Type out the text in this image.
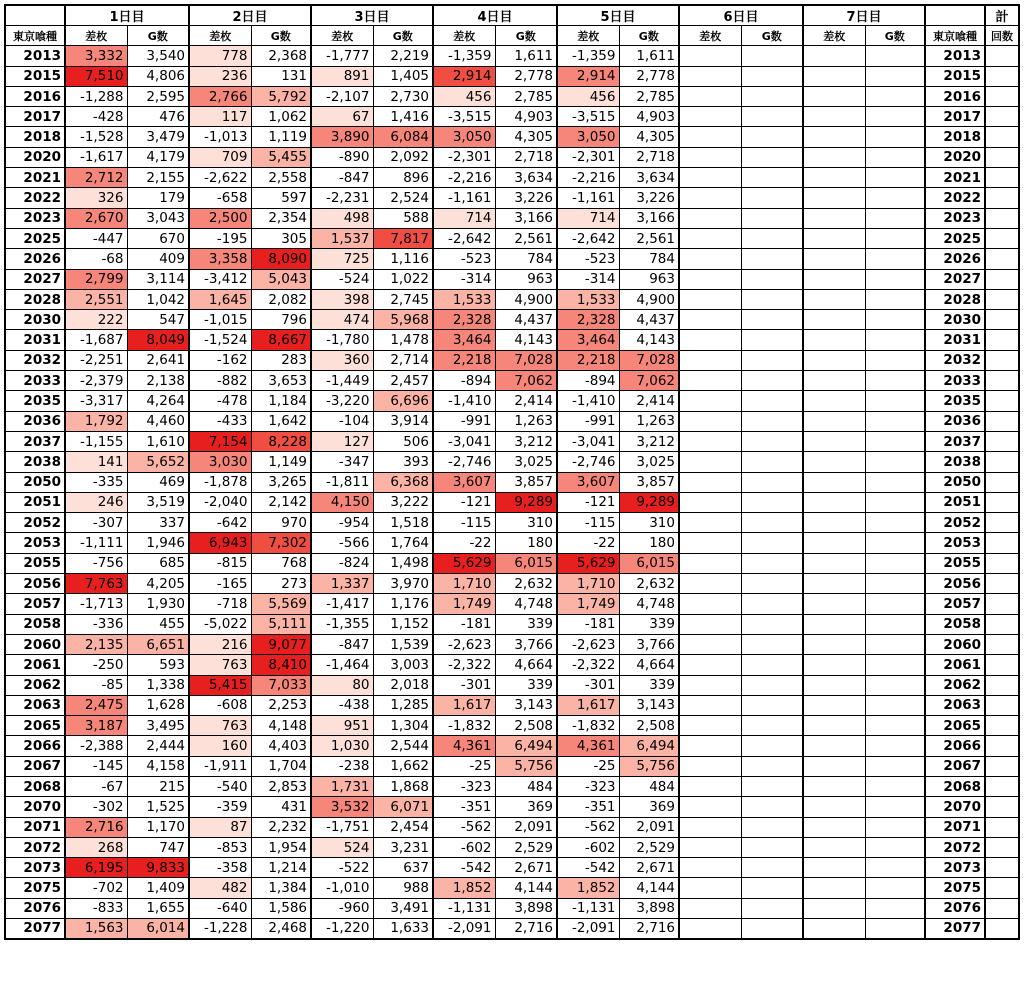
	1日目		2日目		3日目		4日目		5日目		6日目		7日目			計
東京喰種	差枚	G数	差枚	G数	差枚	G数	差枚	G数	差枚	G数	差枚	G数	差枚	G数	東京喰種	回数
2013	3,332	3,540	778	2,368	-1,777	2,219	-1,359	1,611	-1,359	1,611					2013	
2015	7,510	4,806	236	131	891	1,405	2,914	2,778	2,914	2,778					2015	
2016	-1,288	2,595	2,766	5,792	-2,107	2,730	456	2,785	456	2,785					2016	
2017	-428	476	117	1,062	67	1,416	-3,515	4,903	-3,515	4,903					2017	
2018	-1,528	3,479	-1,013	1,119	3,890	6,084	3,050	4,305	3,050	4,305					2018	
2020	-1,617	4,179	709	5,455	-890	2,092	-2,301	2,718	-2,301	2,718					2020	
2021	2,712	2,155	-2,622	2,558	-847	896	-2,216	3,634	-2,216	3,634					2021	
2022	326	179	-658	597	-2,231	2,524	-1,161	3,226	-1,161	3,226					2022	
2023	2,670	3,043	2,500	2,354	498	588	714	3,166	714	3,166					2023	
2025	-447	670	-195	305	1,537	7,817	-2,642	2,561	-2,642	2,561					2025	
2026	-68	409	3,358	8,090	725	1,116	-523	784	-523	784					2026	
2027	2,799	3,114	-3,412	5,043	-524	1,022	-314	963	-314	963					2027	
2028	2,551	1,042	1,645	2,082	398	2,745	1,533	4,900	1,533	4,900					2028	
2030	222	547	-1,015	796	474	5,968	2,328	4,437	2,328	4,437					2030	
2031	-1,687	8,049	-1,524	8,667	-1,780	1,478	3,464	4,143	3,464	4,143					2031	
2032	-2,251	2,641	-162	283	360	2,714	2,218	7,028	2,218	7,028					2032	
2033	-2,379	2,138	-882	3,653	-1,449	2,457	-894	7,062	-894	7,062					2033	
2035	-3,317	4,264	-478	1,184	-3,220	6,696	-1,410	2,414	-1,410	2,414					2035	
2036	1,792	4,460	-433	1,642	-104	3,914	-991	1,263	-991	1,263					2036	
2037	-1,155	1,610	7,154	8,228	127	506	-3,041	3,212	-3,041	3,212					2037	
2038	141	5,652	3,030	1,149	-347	393	-2,746	3,025	-2,746	3,025					2038	
2050	-335	469	-1,878	3,265	-1,811	6,368	3,607	3,857	3,607	3,857					2050	
2051	246	3,519	-2,040	2,142	4,150	3,222	-121	9,289	-121	9,289					2051	
2052	-307	337	-642	970	-954	1,518	-115	310	-115	310					2052	
2053	-1,111	1,946	6,943	7,302	-566	1,764	-22	180	-22	180					2053	
2055	-756	685	-815	768	-824	1,498	5,629	6,015	5,629	6,015					2055	
2056	7,763	4,205	-165	273	1,337	3,970	1,710	2,632	1,710	2,632					2056	
2057	-1,713	1,930	-718	5,569	-1,417	1,176	1,749	4,748	1,749	4,748					2057	
2058	-336	455	-5,022	5,111	-1,355	1,152	-181	339	-181	339					2058	
2060	2,135	6,651	216	9,077	-847	1,539	-2,623	3,766	-2,623	3,766					2060	
2061	-250	593	763	8,410	-1,464	3,003	-2,322	4,664	-2,322	4,664					2061	
2062	-85	1,338	5,415	7,033	80	2,018	-301	339	-301	339					2062	
2063	2,475	1,628	-608	2,253	-438	1,285	1,617	3,143	1,617	3,143					2063	
2065	3,187	3,495	763	4,148	951	1,304	-1,832	2,508	-1,832	2,508					2065	
2066	-2,388	2,444	160	4,403	1,030	2,544	4,361	6,494	4,361	6,494					2066	
2067	-145	4,158	-1,911	1,704	-238	1,662	-25	5,756	-25	5,756					2067	
2068	-67	215	-540	2,853	1,731	1,868	-323	484	-323	484					2068	
2070	-302	1,525	-359	431	3,532	6,071	-351	369	-351	369					2070	
2071	2,716	1,170	87	2,232	-1,751	2,454	-562	2,091	-562	2,091					2071	
2072	268	747	-853	1,954	524	3,231	-602	2,529	-602	2,529					2072	
2073	6,195	9,833	-358	1,214	-522	637	-542	2,671	-542	2,671					2073	
2075	-702	1,409	482	1,384	-1,010	988	1,852	4,144	1,852	4,144					2075	
2076	-833	1,655	-640	1,586	-960	3,491	-1,131	3,898	-1,131	3,898					2076	
2077	1,563	6,014	-1,228	2,468	-1,220	1,633	-2,091	2,716	-2,091	2,716					2077	
